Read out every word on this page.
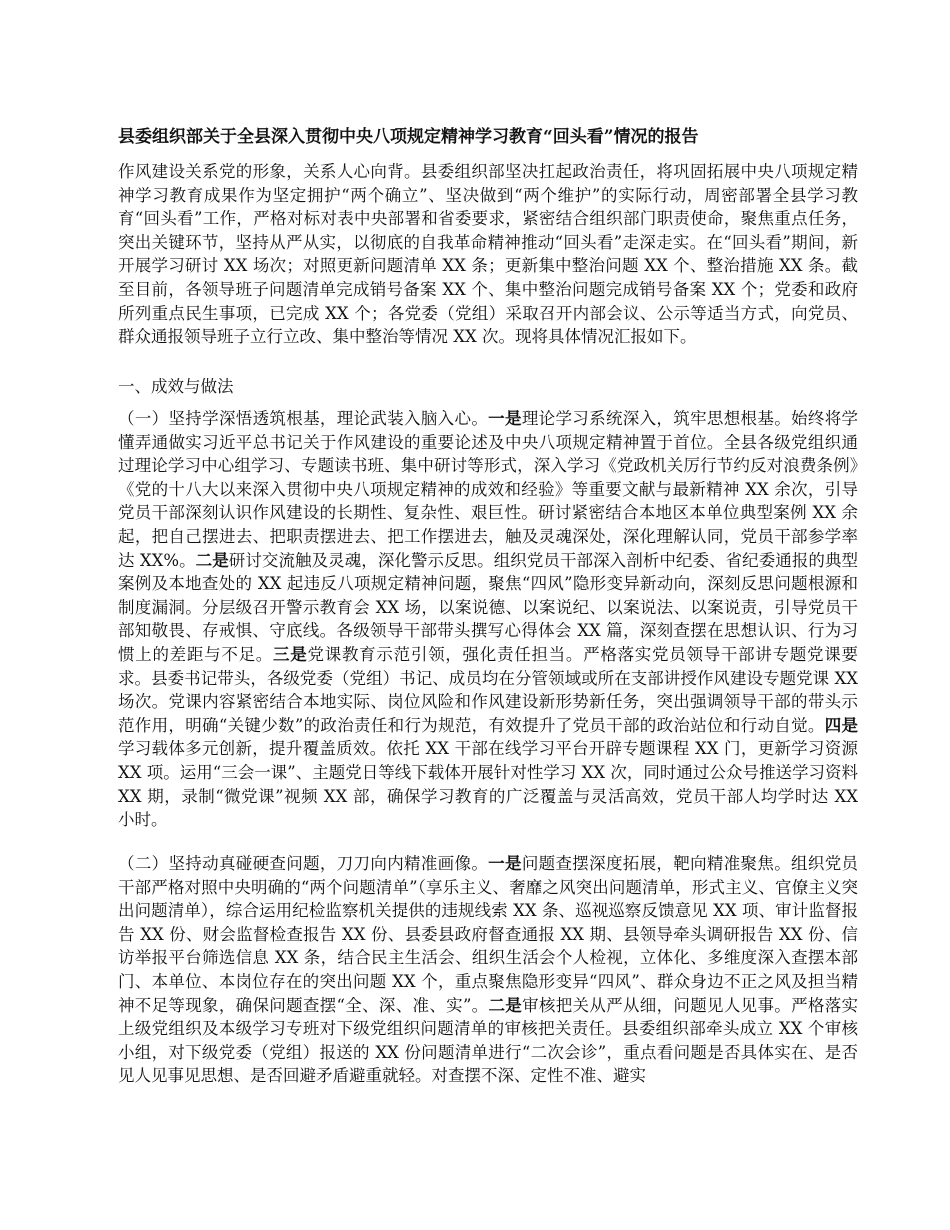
县委组织部关于全县深入贯彻中央八项规定精神学习教育“回头看”情况的报告

作风建设关系党的形象，关系人心向背。县委组织部坚决扛起政治责任，将巩固拓展中央八项规定精神学习教育成果作为坚定拥护“两个确立”、坚决做到“两个维护”的实际行动，周密部署全县学习教育“回头看”工作，严格对标对表中央部署和省委要求，紧密结合组织部门职责使命，聚焦重点任务，突出关键环节，坚持从严从实，以彻底的自我革命精神推动“回头看”走深走实。在“回头看”期间，新开展学习研讨 XX 场次；对照更新问题清单 XX 条；更新集中整治问题 XX 个、整治措施 XX 条。截至目前，各领导班子问题清单完成销号备案 XX 个、集中整治问题完成销号备案 XX 个；党委和政府所列重点民生事项，已完成 XX 个；各党委（党组）采取召开内部会议、公示等适当方式，向党员、群众通报领导班子立行立改、集中整治等情况 XX 次。现将具体情况汇报如下。

一、成效与做法

（一）坚持学深悟透筑根基，理论武装入脑入心。一是理论学习系统深入，筑牢思想根基。始终将学懂弄通做实习近平总书记关于作风建设的重要论述及中央八项规定精神置于首位。全县各级党组织通过理论学习中心组学习、专题读书班、集中研讨等形式，深入学习《党政机关厉行节约反对浪费条例》《党的十八大以来深入贯彻中央八项规定精神的成效和经验》等重要文献与最新精神 XX 余次，引导党员干部深刻认识作风建设的长期性、复杂性、艰巨性。研讨紧密结合本地区本单位典型案例 XX 余起，把自己摆进去、把职责摆进去、把工作摆进去，触及灵魂深处，深化理解认同，党员干部参学率达 XX%。二是研讨交流触及灵魂，深化警示反思。组织党员干部深入剖析中纪委、省纪委通报的典型案例及本地查处的 XX 起违反八项规定精神问题，聚焦“四风”隐形变异新动向，深刻反思问题根源和制度漏洞。分层级召开警示教育会 XX 场，以案说德、以案说纪、以案说法、以案说责，引导党员干部知敬畏、存戒惧、守底线。各级领导干部带头撰写心得体会 XX 篇，深刻查摆在思想认识、行为习惯上的差距与不足。三是党课教育示范引领，强化责任担当。严格落实党员领导干部讲专题党课要求。县委书记带头，各级党委（党组）书记、成员均在分管领域或所在支部讲授作风建设专题党课 XX 场次。党课内容紧密结合本地实际、岗位风险和作风建设新形势新任务，突出强调领导干部的带头示范作用，明确“关键少数”的政治责任和行为规范，有效提升了党员干部的政治站位和行动自觉。四是学习载体多元创新，提升覆盖质效。依托 XX 干部在线学习平台开辟专题课程 XX 门，更新学习资源 XX 项。运用“三会一课”、主题党日等线下载体开展针对性学习 XX 次，同时通过公众号推送学习资料 XX 期，录制“微党课”视频 XX 部，确保学习教育的广泛覆盖与灵活高效，党员干部人均学时达 XX 小时。

（二）坚持动真碰硬查问题，刀刀向内精准画像。一是问题查摆深度拓展，靶向精准聚焦。组织党员干部严格对照中央明确的“两个问题清单”（享乐主义、奢靡之风突出问题清单，形式主义、官僚主义突出问题清单），综合运用纪检监察机关提供的违规线索 XX 条、巡视巡察反馈意见 XX 项、审计监督报告 XX 份、财会监督检查报告 XX 份、县委县政府督查通报 XX 期、县领导牵头调研报告 XX 份、信访举报平台筛选信息 XX 条，结合民主生活会、组织生活会个人检视，立体化、多维度深入查摆本部门、本单位、本岗位存在的突出问题 XX 个，重点聚焦隐形变异“四风”、群众身边不正之风及担当精神不足等现象，确保问题查摆“全、深、准、实”。二是审核把关从严从细，问题见人见事。严格落实上级党组织及本级学习专班对下级党组织问题清单的审核把关责任。县委组织部牵头成立 XX 个审核小组，对下级党委（党组）报送的 XX 份问题清单进行“二次会诊”，重点看问题是否具体实在、是否见人见事见思想、是否回避矛盾避重就轻。对查摆不深、定性不准、避实
